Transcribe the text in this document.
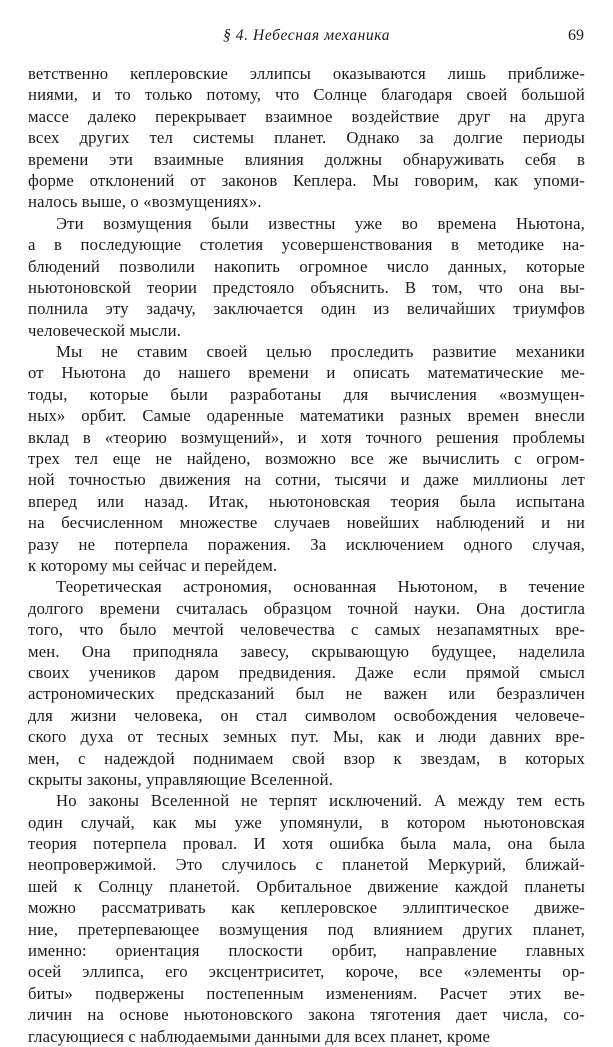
§ 4. Небесная механика	69
ветственно кеплеровские эллипсы оказываются лишь приближе-
ниями, и то только потому, что Солнце благодаря своей большой
массе далеко перекрывает взаимное воздействие друг на друга
всех других тел системы планет. Однако за долгие периоды
времени эти взаимные влияния должны обнаруживать себя в
форме отклонений от законов Кеплера. Мы говорим, как упоми-
налось выше, о «возмущениях».
Эти возмущения были известны уже во времена Ньютона,
а в последующие столетия усовершенствования в методике на-
блюдений позволили накопить огромное число данных, которые
ньютоновской теории предстояло объяснить. В том, что она вы-
полнила эту задачу, заключается один из величайших триумфов
человеческой мысли.
Мы не ставим своей целью проследить развитие механики
от Ньютона до нашего времени и описать математические ме-
тоды, которые были разработаны для вычисления «возмущен-
ных» орбит. Самые одаренные математики разных времен внесли
вклад в «теорию возмущений», и хотя точного решения проблемы
трех тел еще не найдено, возможно все же вычислить с огром-
ной точностью движения на сотни, тысячи и даже миллионы лет
вперед или назад. Итак, ньютоновская теория была испытана
на бесчисленном множестве случаев новейших наблюдений и ни
разу не потерпела поражения. За исключением одного случая,
к которому мы сейчас и перейдем.
Теоретическая астрономия, основанная Ньютоном, в течение
долгого времени считалась образцом точной науки. Она достигла
того, что было мечтой человечества с самых незапамятных вре-
мен. Она приподняла завесу, скрывающую будущее, наделила
своих учеников даром предвидения. Даже если прямой смысл
астрономических предсказаний был не важен или безразличен
для жизни человека, он стал символом освобождения человече-
ского духа от тесных земных пут. Мы, как и люди давних вре-
мен, с надеждой поднимаем свой взор к звездам, в которых
скрыты законы, управляющие Вселенной.
Но законы Вселенной не терпят исключений. А между тем есть
один случай, как мы уже упомянули, в котором ньютоновская
теория потерпела провал. И хотя ошибка была мала, она была
неопровержимой. Это случилось с планетой Меркурий, ближай-
шей к Солнцу планетой. Орбитальное движение каждой планеты
можно рассматривать как кеплеровское эллиптическое движе-
ние, претерпевающее возмущения под влиянием других планет,
именно: ориентация плоскости орбит, направление главных
осей эллипса, его эксцентриситет, короче, все «элементы ор-
биты» подвержены постепенным изменениям. Расчет этих ве-
личин на основе ньютоновского закона тяготения дает числа, со-
гласующиеся с наблюдаемыми данными для всех планет, кроме
